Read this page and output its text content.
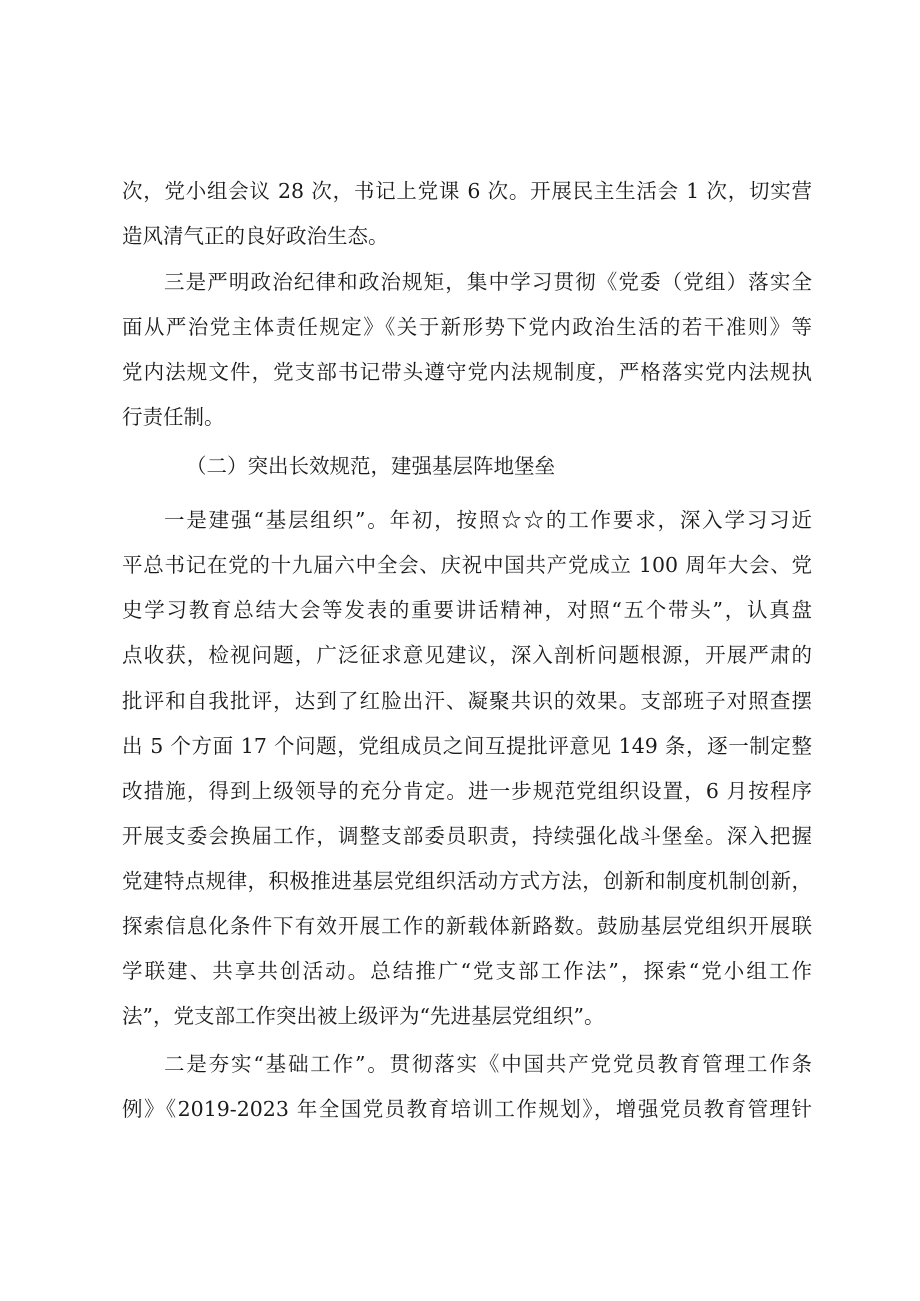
次，党小组会议 28 次，书记上党课 6 次。开展民主生活会 1 次，切实营
造风清气正的良好政治生态。
三是严明政治纪律和政治规矩，集中学习贯彻《党委（党组）落实全
面从严治党主体责任规定》《关于新形势下党内政治生活的若干准则》等
党内法规文件，党支部书记带头遵守党内法规制度，严格落实党内法规执
行责任制。
（二）突出长效规范，建强基层阵地堡垒
一是建强“基层组织”。年初，按照☆☆的工作要求，深入学习习近
平总书记在党的十九届六中全会、庆祝中国共产党成立 100 周年大会、党
史学习教育总结大会等发表的重要讲话精神，对照“五个带头”，认真盘
点收获，检视问题，广泛征求意见建议，深入剖析问题根源，开展严肃的
批评和自我批评，达到了红脸出汗、凝聚共识的效果。支部班子对照查摆
出 5 个方面 17 个问题，党组成员之间互提批评意见 149 条，逐一制定整
改措施，得到上级领导的充分肯定。进一步规范党组织设置，6 月按程序
开展支委会换届工作，调整支部委员职责，持续强化战斗堡垒。深入把握
党建特点规律，积极推进基层党组织活动方式方法，创新和制度机制创新，
探索信息化条件下有效开展工作的新载体新路数。鼓励基层党组织开展联
学联建、共享共创活动。总结推广“党支部工作法”，探索“党小组工作
法”，党支部工作突出被上级评为“先进基层党组织”。
二是夯实“基础工作”。贯彻落实《中国共产党党员教育管理工作条
例》《2019-2023 年全国党员教育培训工作规划》，增强党员教育管理针
